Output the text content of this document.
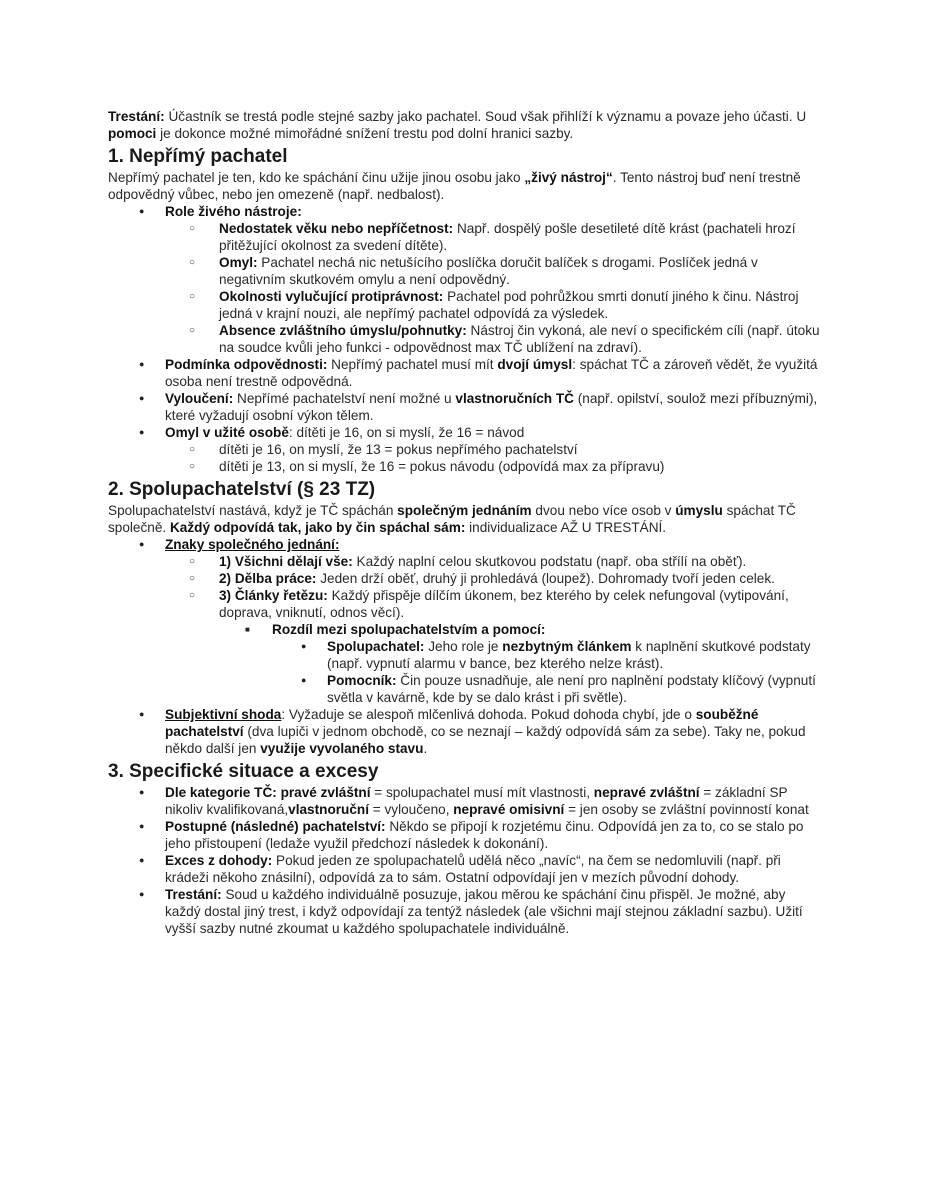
Trestání: Účastník se trestá podle stejné sazby jako pachatel. Soud však přihlíží k významu a povaze jeho účasti. U pomoci je dokonce možné mimořádné snížení trestu pod dolní hranici sazby.

1. Nepřímý pachatel

Nepřímý pachatel je ten, kdo ke spáchání činu užije jinou osobu jako „živý nástroj“. Tento nástroj buď není trestně odpovědný vůbec, nebo jen omezeně (např. nedbalost).

● Role živého nástroje:
○ Nedostatek věku nebo nepříčetnost: Např. dospělý pošle desetileté dítě krást (pachateli hrozí přitěžující okolnost za svedení dítěte).
○ Omyl: Pachatel nechá nic netušícího poslíčka doručit balíček s drogami. Poslíček jedná v negativním skutkovém omylu a není odpovědný.
○ Okolnosti vylučující protiprávnost: Pachatel pod pohrůžkou smrti donutí jiného k činu. Nástroj jedná v krajní nouzi, ale nepřímý pachatel odpovídá za výsledek.
○ Absence zvláštního úmyslu/pohnutky: Nástroj čin vykoná, ale neví o specifickém cíli (např. útoku na soudce kvůli jeho funkci - odpovědnost max TČ ublížení na zdraví).
● Podmínka odpovědnosti: Nepřímý pachatel musí mít dvojí úmysl: spáchat TČ a zároveň vědět, že využitá osoba není trestně odpovědná.
● Vyloučení: Nepřímé pachatelství není možné u vlastnoručních TČ (např. opilství, soulož mezi příbuznými), které vyžadují osobní výkon tělem.
● Omyl v užité osobě: dítěti je 16, on si myslí, že 16 = návod
○ dítěti je 16, on myslí, že 13 = pokus nepřímého pachatelství
○ dítěti je 13, on si myslí, že 16 = pokus návodu (odpovídá max za přípravu)
2. Spolupachatelství (§ 23 TZ)

Spolupachatelství nastává, když je TČ spáchán společným jednáním dvou nebo více osob v úmyslu spáchat TČ společně. Každý odpovídá tak, jako by čin spáchal sám: individualizace AŽ U TRESTÁNÍ.

● Znaky společného jednání:
○ 1) Všichni dělají vše: Každý naplní celou skutkovou podstatu (např. oba střílí na oběť).
○ 2) Dělba práce: Jeden drží oběť, druhý ji prohledává (loupež). Dohromady tvoří jeden celek.
○ 3) Články řetězu: Každý přispěje dílčím úkonem, bez kterého by celek nefungoval (vytipování, doprava, vniknutí, odnos věcí).
■ Rozdíl mezi spolupachatelstvím a pomocí:
● Spolupachatel: Jeho role je nezbytným článkem k naplnění skutkové podstaty (např. vypnutí alarmu v bance, bez kterého nelze krást).
● Pomocník: Čin pouze usnadňuje, ale není pro naplnění podstaty klíčový (vypnutí světla v kavárně, kde by se dalo krást i při světle).
● Subjektivní shoda: Vyžaduje se alespoň mlčenlivá dohoda. Pokud dohoda chybí, jde o souběžné pachatelství (dva lupiči v jednom obchodě, co se neznají – každý odpovídá sám za sebe). Taky ne, pokud někdo další jen využije vyvolaného stavu.
3. Specifické situace a excesy
● Dle kategorie TČ: pravé zvláštní = spolupachatel musí mít vlastnosti, nepravé zvláštní = základní SP nikoliv kvalifikovaná,vlastnoruční = vyloučeno, nepravé omisivní = jen osoby se zvláštní povinností konat
● Postupné (následné) pachatelství: Někdo se připojí k rozjetému činu. Odpovídá jen za to, co se stalo po jeho přistoupení (ledaže využil předchozí následek k dokonání).
● Exces z dohody: Pokud jeden ze spolupachatelů udělá něco „navíc“, na čem se nedomluvili (např. při krádeži někoho znásilní), odpovídá za to sám. Ostatní odpovídají jen v mezích původní dohody.
● Trestání: Soud u každého individuálně posuzuje, jakou měrou ke spáchání činu přispěl. Je možné, aby každý dostal jiný trest, i když odpovídají za tentýž následek (ale všichni mají stejnou základní sazbu). Užití vyšší sazby nutné zkoumat u každého spolupachatele individuálně.
